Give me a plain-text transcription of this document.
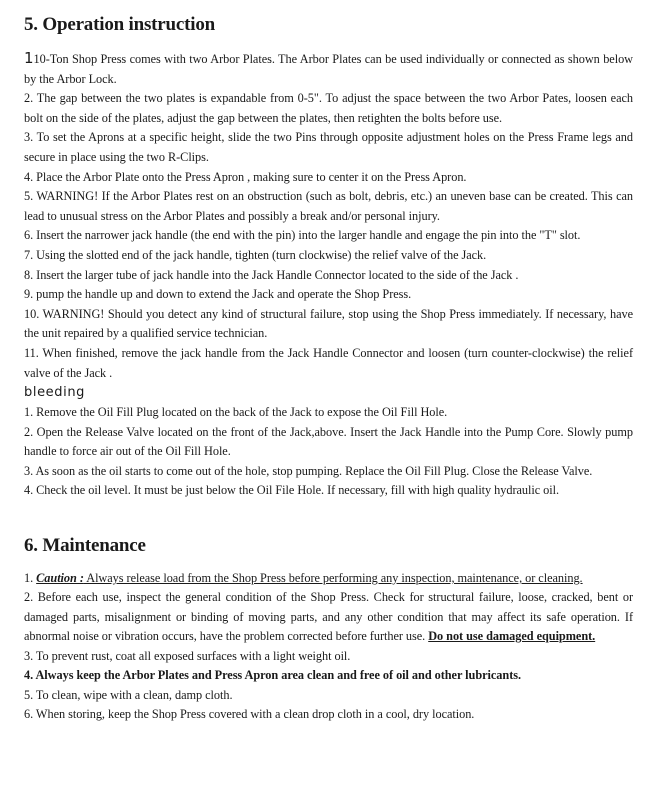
5. Operation instruction

110-Ton Shop Press comes with two Arbor Plates. The Arbor Plates can be used individually or connected as shown below by the Arbor Lock.

2. The gap between the two plates is expandable from 0-5". To adjust the space between the two Arbor Pates, loosen each bolt on the side of the plates, adjust the gap between the plates, then retighten the bolts before use.

3. To set the Aprons at a specific height, slide the two Pins through opposite adjustment holes on the Press Frame legs and secure in place using the two R-Clips.

4. Place the Arbor Plate onto the Press Apron , making sure to center it on the Press Apron.

5. WARNING! If the Arbor Plates rest on an obstruction (such as bolt, debris, etc.) an uneven base can be created. This can lead to unusual stress on the Arbor Plates and possibly a break and/or personal injury.

6. Insert the narrower jack handle (the end with the pin) into the larger handle and engage the pin into the "T" slot.

7. Using the slotted end of the jack handle, tighten (turn clockwise) the relief valve of the Jack.

8. Insert the larger tube of jack handle into the Jack Handle Connector located to the side of the Jack .

9. pump the handle up and down to extend the Jack and operate the Shop Press.

10. WARNING! Should you detect any kind of structural failure, stop using the Shop Press immediately. If necessary, have the unit repaired by a qualified service technician.

11. When finished, remove the jack handle from the Jack Handle Connector and loosen (turn counter-clockwise) the relief valve of the Jack .

bleeding

1. Remove the Oil Fill Plug located on the back of the Jack to expose the Oil Fill Hole.

2. Open the Release Valve located on the front of the Jack,above. Insert the Jack Handle into the Pump Core. Slowly pump handle to force air out of the Oil Fill Hole.

3. As soon as the oil starts to come out of the hole, stop pumping. Replace the Oil Fill Plug. Close the Release Valve.

4. Check the oil level. It must be just below the Oil File Hole. If necessary, fill with high quality hydraulic oil.

6. Maintenance

1. Caution : Always release load from the Shop Press before performing any inspection, maintenance, or cleaning.

2. Before each use, inspect the general condition of the Shop Press. Check for structural failure, loose, cracked, bent or damaged parts, misalignment or binding of moving parts, and any other condition that may affect its safe operation. If abnormal noise or vibration occurs, have the problem corrected before further use. Do not use damaged equipment.

3. To prevent rust, coat all exposed surfaces with a light weight oil.

4. Always keep the Arbor Plates and Press Apron area clean and free of oil and other lubricants.

5. To clean, wipe with a clean, damp cloth.

6. When storing, keep the Shop Press covered with a clean drop cloth in a cool, dry location.
